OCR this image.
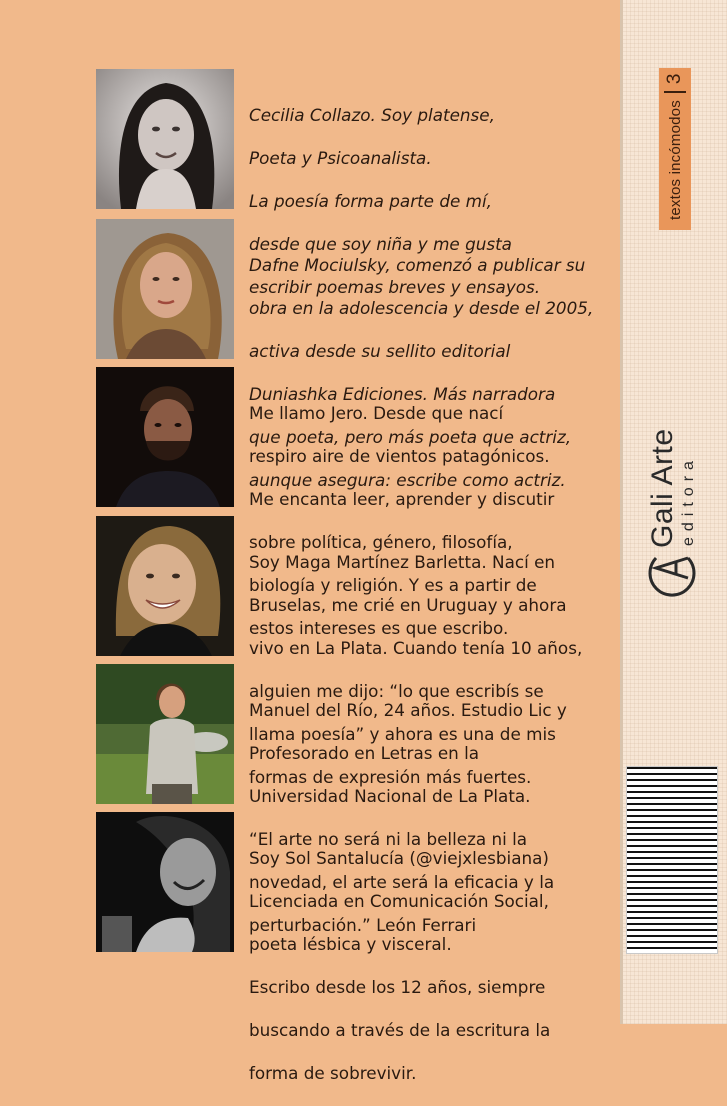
Cecilia Collazo. Soy platense,

Poeta y Psicoanalista.

La poesía forma parte de mí,

desde que soy niña y me gusta

escribir poemas breves y ensayos.

Dafne Mociulsky, comenzó a publicar su

obra en la adolescencia y desde el 2005,

activa desde su sellito editorial

Duniashka Ediciones. Más narradora

que poeta, pero más poeta que actriz,

aunque asegura: escribe como actriz.

Me llamo Jero. Desde que nací

respiro aire de vientos patagónicos.

Me encanta leer, aprender y discutir

sobre política, género, filosofía,

biología y religión. Y es a partir de

estos intereses es que escribo.

Soy Maga Martínez Barletta. Nací en

Bruselas, me crié en Uruguay y ahora

vivo en La Plata. Cuando tenía 10 años,

alguien me dijo: “lo que escribís se

llama poesía” y ahora es una de mis

formas de expresión más fuertes.

Manuel del Río, 24 años. Estudio Lic y

Profesorado en Letras en la

Universidad Nacional de La Plata.

“El arte no será ni la belleza ni la

novedad, el arte será la eficacia y la

perturbación.” León Ferrari

Soy Sol Santalucía (@viejxlesbiana)

Licenciada en Comunicación Social,

poeta lésbica y visceral.

Escribo desde los 12 años, siempre

buscando a través de la escritura la

forma de sobrevivir.

textos incómodos
3
Gali Arte editora
